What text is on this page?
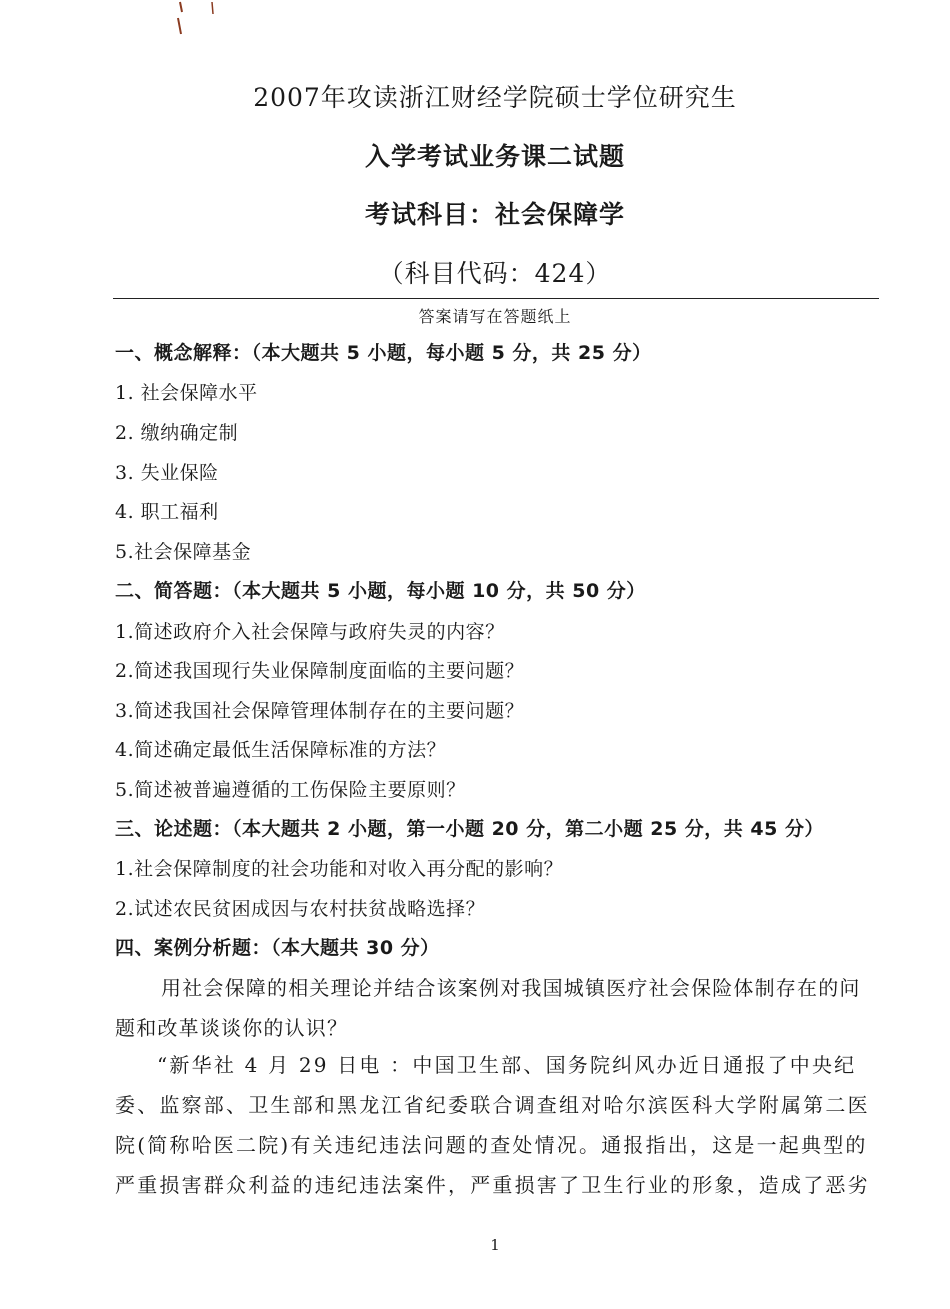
2007年攻读浙江财经学院硕士学位研究生
入学考试业务课二试题
考试科目：社会保障学
（科目代码：424）
答案请写在答题纸上
一、概念解释：（本大题共 5 小题，每小题 5 分，共 25 分）
1. 社会保障水平
2. 缴纳确定制
3. 失业保险
4. 职工福利
5.社会保障基金
二、简答题：（本大题共 5 小题，每小题 10 分，共 50 分）
1.简述政府介入社会保障与政府失灵的内容？
2.简述我国现行失业保障制度面临的主要问题？
3.简述我国社会保障管理体制存在的主要问题？
4.简述确定最低生活保障标准的方法？
5.简述被普遍遵循的工伤保险主要原则？
三、论述题：（本大题共 2 小题，第一小题 20 分，第二小题 25 分，共 45 分）
1.社会保障制度的社会功能和对收入再分配的影响？
2.试述农民贫困成因与农村扶贫战略选择？
四、案例分析题：（本大题共 30 分）
用社会保障的相关理论并结合该案例对我国城镇医疗社会保险体制存在的问题和改革谈谈你的认识？
“新华社 4 月 29 日电 ：中国卫生部、国务院纠风办近日通报了中央纪委、监察部、卫生部和黑龙江省纪委联合调查组对哈尔滨医科大学附属第二医院(简称哈医二院)有关违纪违法问题的查处情况。通报指出，这是一起典型的严重损害群众利益的违纪违法案件，严重损害了卫生行业的形象，造成了恶劣
1
